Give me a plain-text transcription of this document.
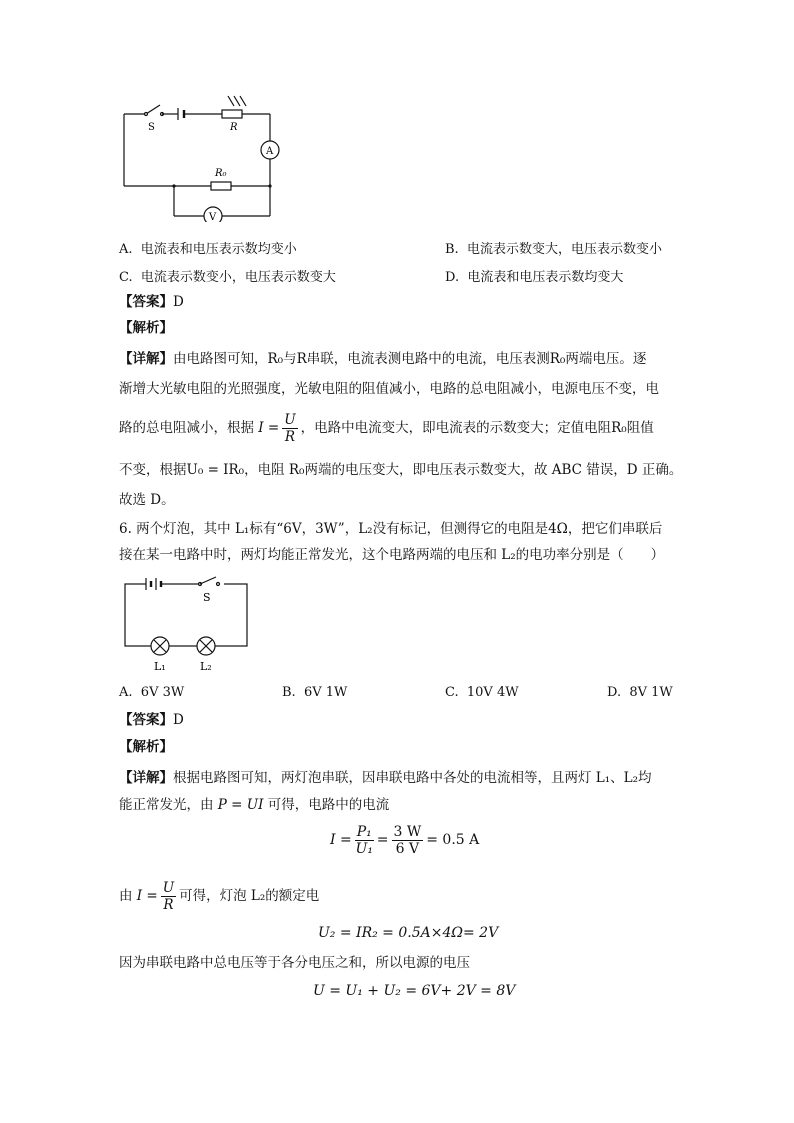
S	R
R₀
A
V
A. 电流表和电压表示数均变小	B. 电流表示数变大，电压表示数变小
C. 电流表示数变小，电压表示数变大	D. 电流表和电压表示数均变大
【答案】D
【解析】
【详解】由电路图可知，R₀与R串联，电流表测电路中的电流，电压表测R₀两端电压。逐
渐增大光敏电阻的光照强度，光敏电阻的阻值减小，电路的总电阻减小，电源电压不变，电
路的总电阻减小，根据 $I = \frac{U}{R}$ ，电路中电流变大，即电流表的示数变大；定值电阻R₀阻值
不变，根据U₀ = IR₀，电阻 R₀两端的电压变大，即电压表示数变大，故 ABC 错误，D 正确。
故选 D。
6. 两个灯泡，其中 L₁标有“6V，3W”，L₂没有标记，但测得它的电阻是4Ω，把它们串联后
接在某一电路中时，两灯均能正常发光，这个电路两端的电压和 L₂的电功率分别是（　　）
S
L₁	L₂
A. 6V 3W	B. 6V 1W	C. 10V 4W	D. 8V 1W
【答案】D
【解析】
【详解】根据电路图可知，两灯泡串联，因串联电路中各处的电流相等，且两灯 L₁、L₂均
能正常发光，由 P = UI 可得，电路中的电流
$I = \frac{\text{P₁}}{\text{U₁}} = \frac{3 W}{6 V} = 0.5$ A
由 $I = \frac{U}{R}$ 可得，灯泡 L₂的额定电
U₂ = IR₂ = 0.5A×4Ω= 2V
因为串联电路中总电压等于各分电压之和，所以电源的电压
U = U₁ + U₂ = 6V+ 2V = 8V
